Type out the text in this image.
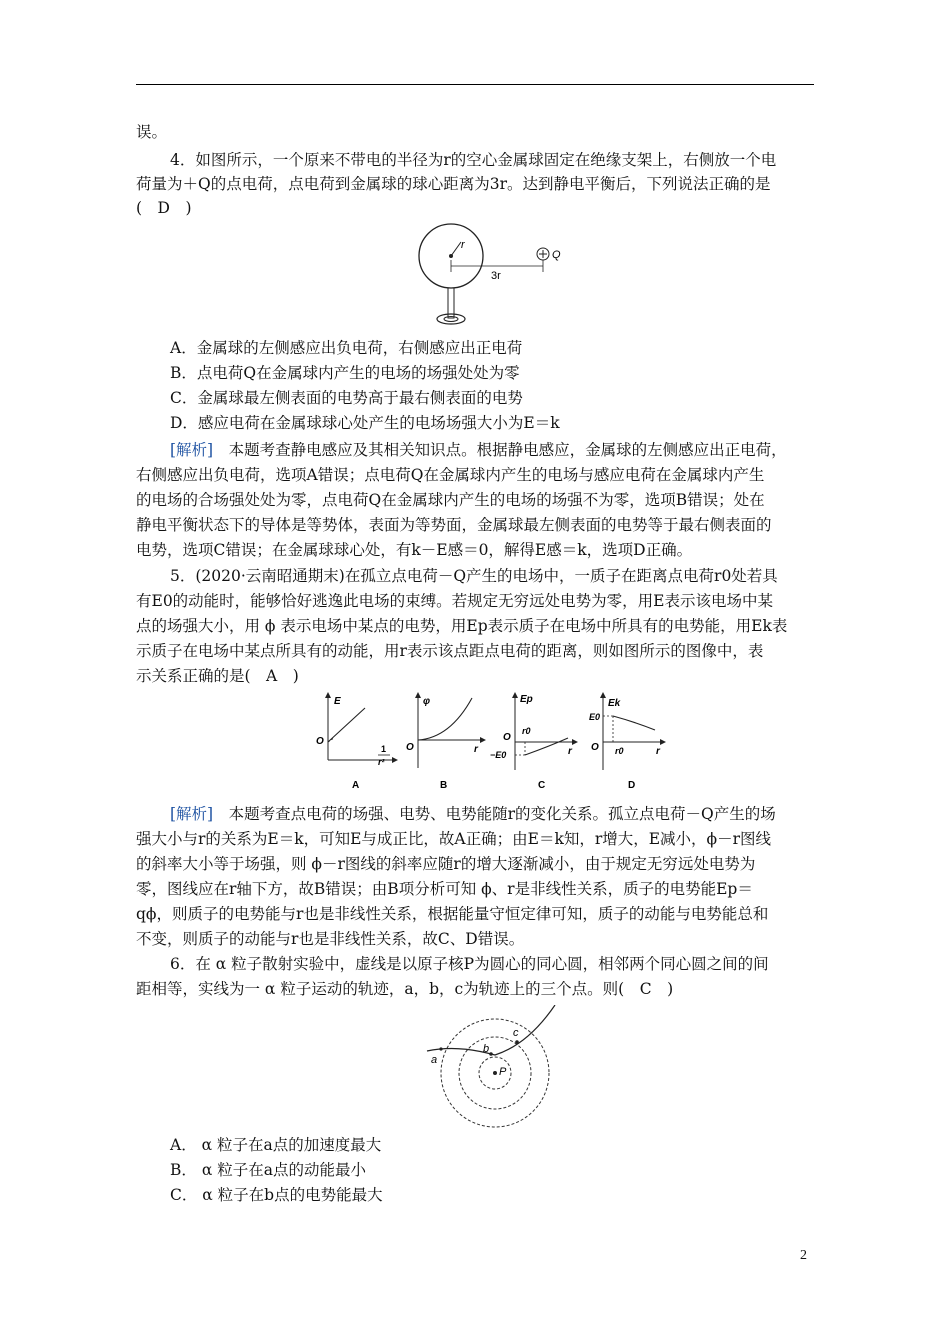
误。
4．如图所示，一个原来不带电的半径为r的空心金属球固定在绝缘支架上，右侧放一个电
荷量为＋Q的点电荷，点电荷到金属球的球心距离为3r。达到静电平衡后，下列说法正确的是
(　D　)
r
3r
Q
A．金属球的左侧感应出负电荷，右侧感应出正电荷
B．点电荷Q在金属球内产生的电场的场强处处为零
C．金属球最左侧表面的电势高于最右侧表面的电势
D．感应电荷在金属球球心处产生的电场场强大小为E＝k
[解析]　本题考查静电感应及其相关知识点。根据静电感应，金属球的左侧感应出正电荷，
右侧感应出负电荷，选项A错误；点电荷Q在金属球内产生的电场与感应电荷在金属球内产生
的电场的合场强处处为零，点电荷Q在金属球内产生的电场的场强不为零，选项B错误；处在
静电平衡状态下的导体是等势体，表面为等势面，金属球最左侧表面的电势等于最右侧表面的
电势，选项C错误；在金属球球心处，有k－E感＝0，解得E感＝k，选项D正确。
5．(2020·云南昭通期末)在孤立点电荷－Q产生的电场中，一质子在距离点电荷r0处若具
有E0的动能时，能够恰好逃逸此电场的束缚。若规定无穷远处电势为零，用E表示该电场中某
点的场强大小，用 ϕ 表示电场中某点的电势，用Ep表示质子在电场中所具有的电势能，用Ek表
示质子在电场中某点所具有的动能，用r表示该点距点电荷的距离，则如图所示的图像中，表
示关系正确的是(　A　)
E
O
1
r²
A
φ
O	r
B
Ep
O
r0
−E0	r
C
Ek
E0
O r0	r
D
[解析]　本题考查点电荷的场强、电势、电势能随r的变化关系。孤立点电荷－Q产生的场
强大小与r的关系为E＝k，可知E与成正比，故A正确；由E＝k知，r增大，E减小，ϕ－r图线
的斜率大小等于场强，则 ϕ－r图线的斜率应随r的增大逐渐减小，由于规定无穷远处电势为
零，图线应在r轴下方，故B错误；由B项分析可知 ϕ、r是非线性关系，质子的电势能Ep＝
qϕ，则质子的电势能与r也是非线性关系，根据能量守恒定律可知，质子的动能与电势能总和
不变，则质子的动能与r也是非线性关系，故C、D错误。
6．在 α 粒子散射实验中，虚线是以原子核P为圆心的同心圆，相邻两个同心圆之间的间
距相等，实线为一 α 粒子运动的轨迹，a，b，c为轨迹上的三个点。则(　C　)
P
a
b
c
A． α 粒子在a点的加速度最大
B． α 粒子在a点的动能最小
C． α 粒子在b点的电势能最大
2
